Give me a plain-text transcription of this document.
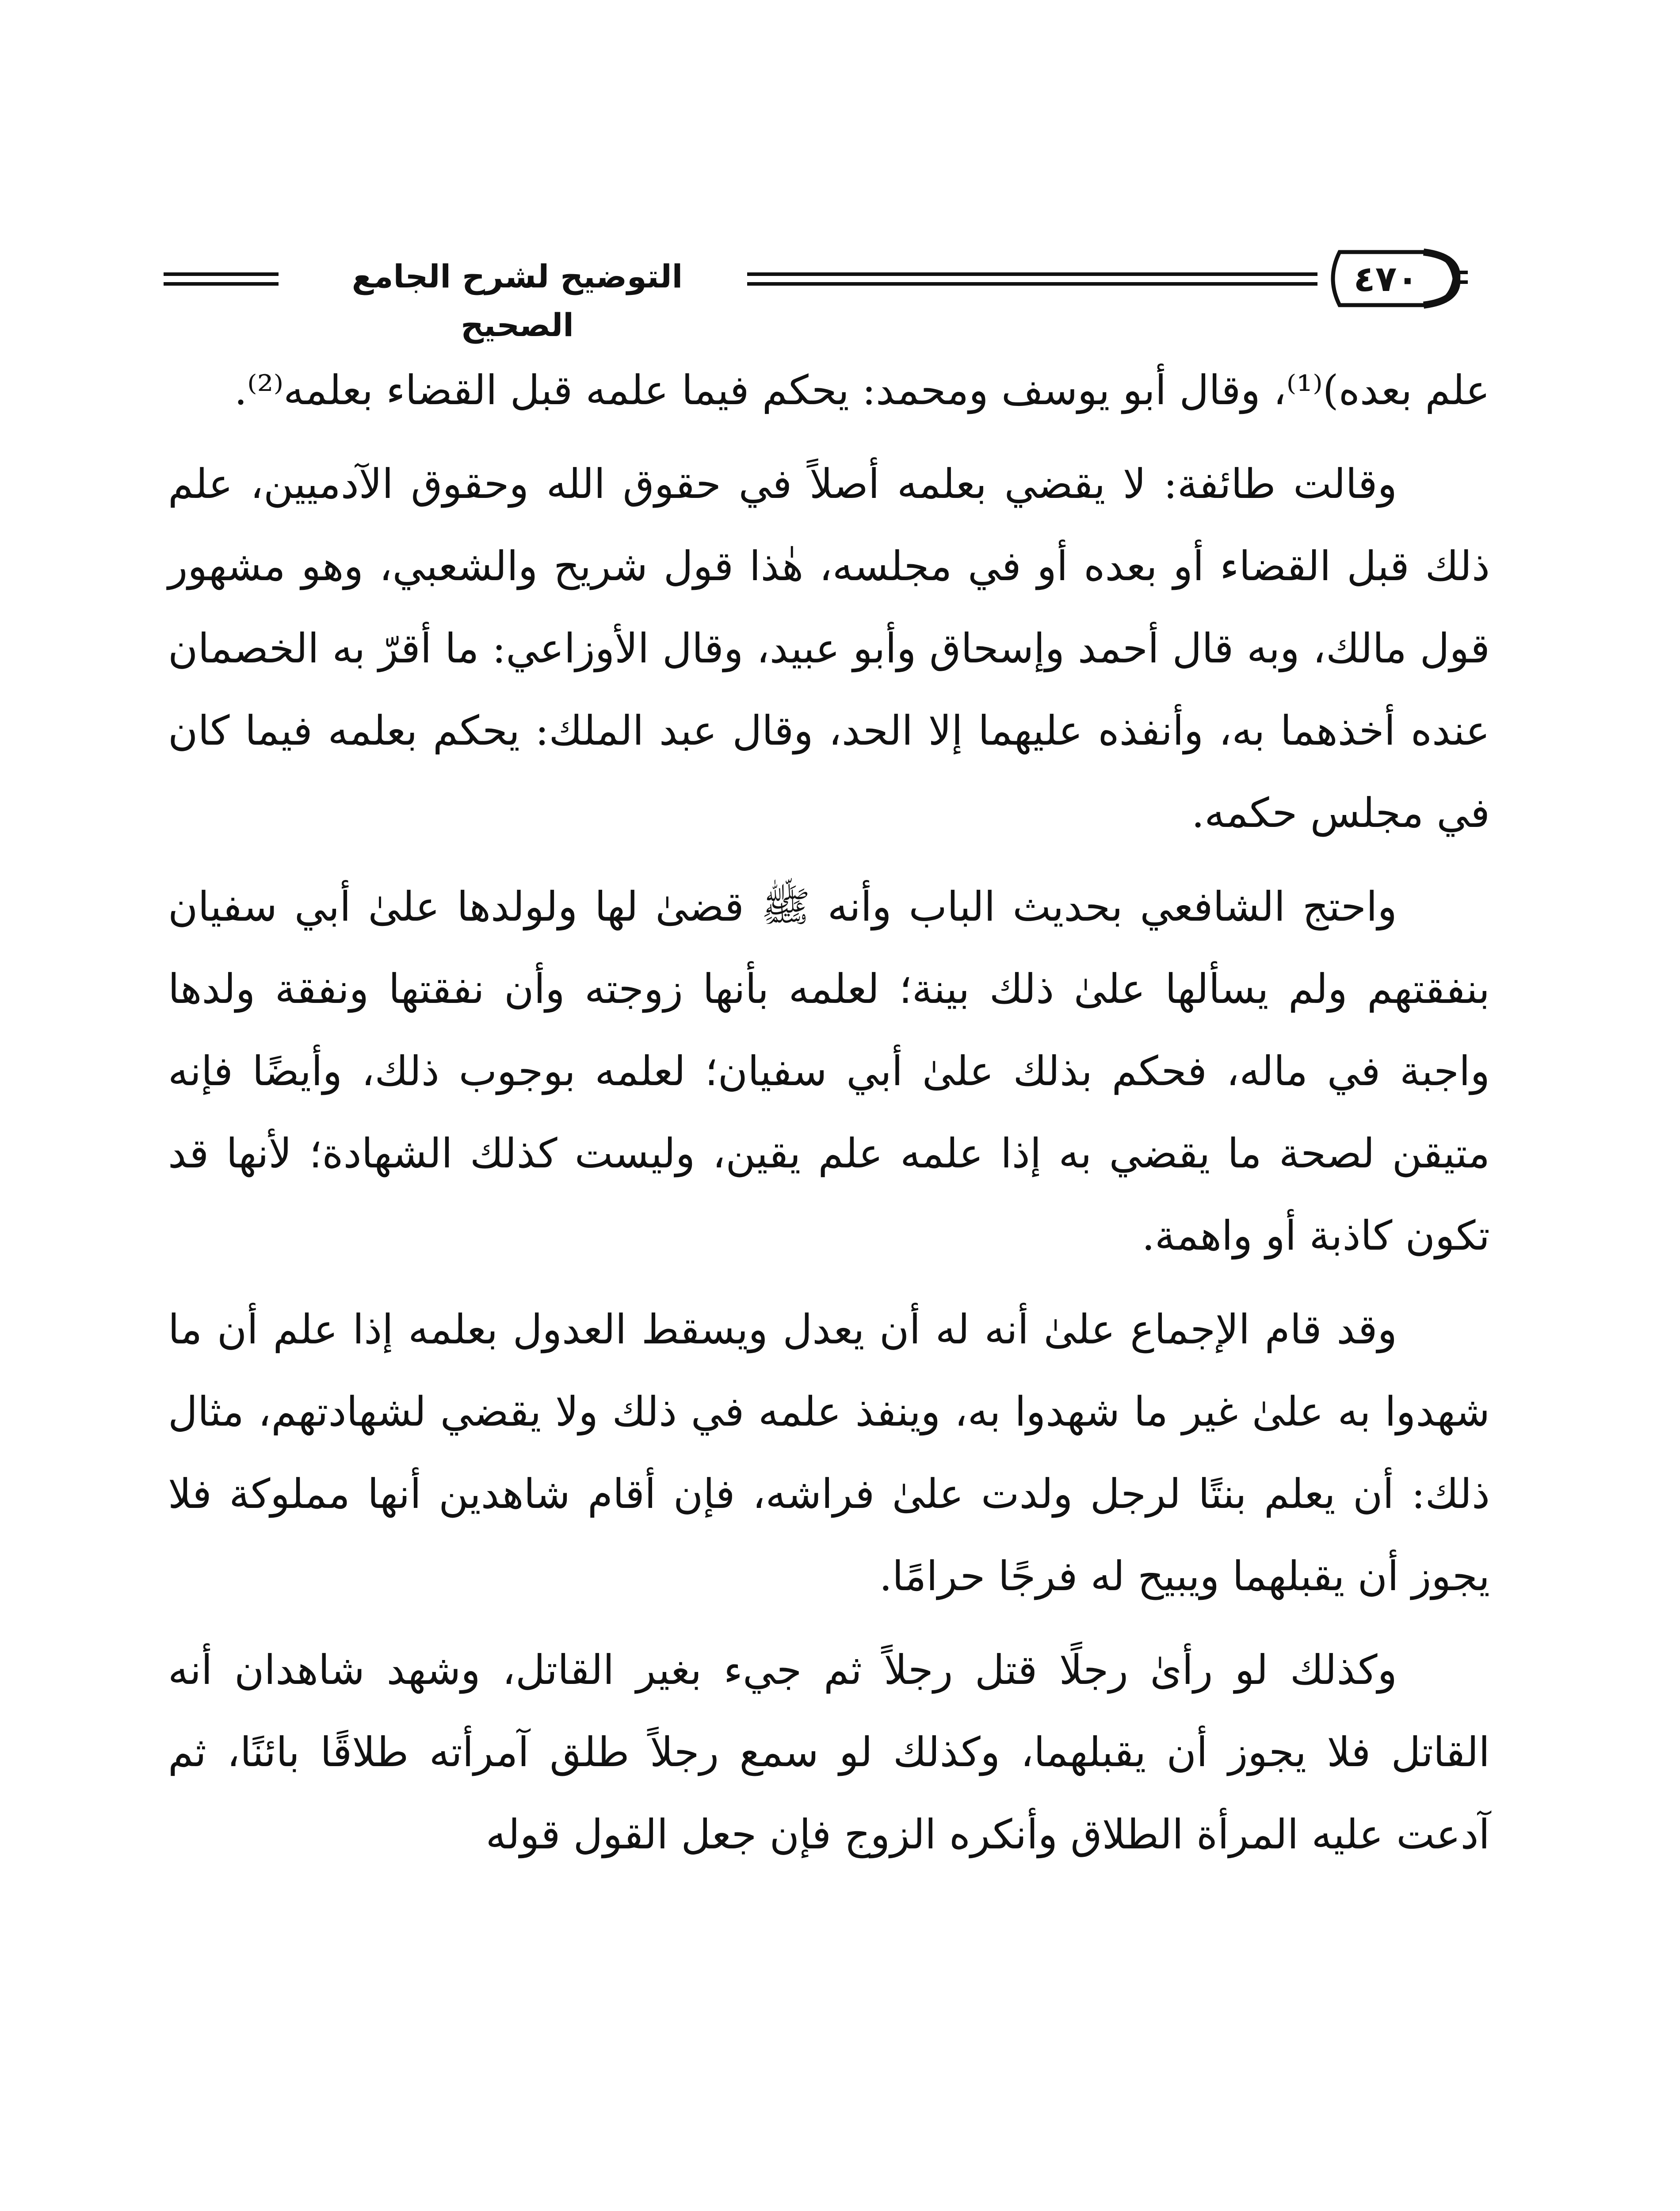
التوضيح لشرح الجامع الصحيح
٤٧٠

علم بعده)⁽¹⁾، وقال أبو يوسف ومحمد: يحكم فيما علمه قبل القضاء بعلمه⁽²⁾.

وقالت طائفة: لا يقضي بعلمه أصلاً في حقوق الله وحقوق الآدميين، علم ذلك قبل القضاء أو بعده أو في مجلسه، هٰذا قول شريح والشعبي، وهو مشهور قول مالك، وبه قال أحمد وإسحاق وأبو عبيد، وقال الأوزاعي: ما أقرّ به الخصمان عنده أخذهما به، وأنفذه عليهما إلا الحد، وقال عبد الملك: يحكم بعلمه فيما كان في مجلس حكمه.

واحتج الشافعي بحديث الباب وأنه ﷺ قضىٰ لها ولولدها علىٰ أبي سفيان بنفقتهم ولم يسألها علىٰ ذلك بينة؛ لعلمه بأنها زوجته وأن نفقتها ونفقة ولدها واجبة في ماله، فحكم بذلك علىٰ أبي سفيان؛ لعلمه بوجوب ذلك، وأيضًا فإنه متيقن لصحة ما يقضي به إذا علمه علم يقين، وليست كذلك الشهادة؛ لأنها قد تكون كاذبة أو واهمة.

وقد قام الإجماع علىٰ أنه له أن يعدل ويسقط العدول بعلمه إذا علم أن ما شهدوا به علىٰ غير ما شهدوا به، وينفذ علمه في ذلك ولا يقضي لشهادتهم، مثال ذلك: أن يعلم بنتًا لرجل ولدت علىٰ فراشه، فإن أقام شاهدين أنها مملوكة فلا يجوز أن يقبلهما ويبيح له فرجًا حرامًا.

وكذلك لو رأىٰ رجلًا قتل رجلاً ثم جيء بغير القاتل، وشهد شاهدان أنه القاتل فلا يجوز أن يقبلهما، وكذلك لو سمع رجلاً طلق آمرأته طلاقًا بائنًا، ثم آدعت عليه المرأة الطلاق وأنكره الزوج فإن جعل القول قوله
